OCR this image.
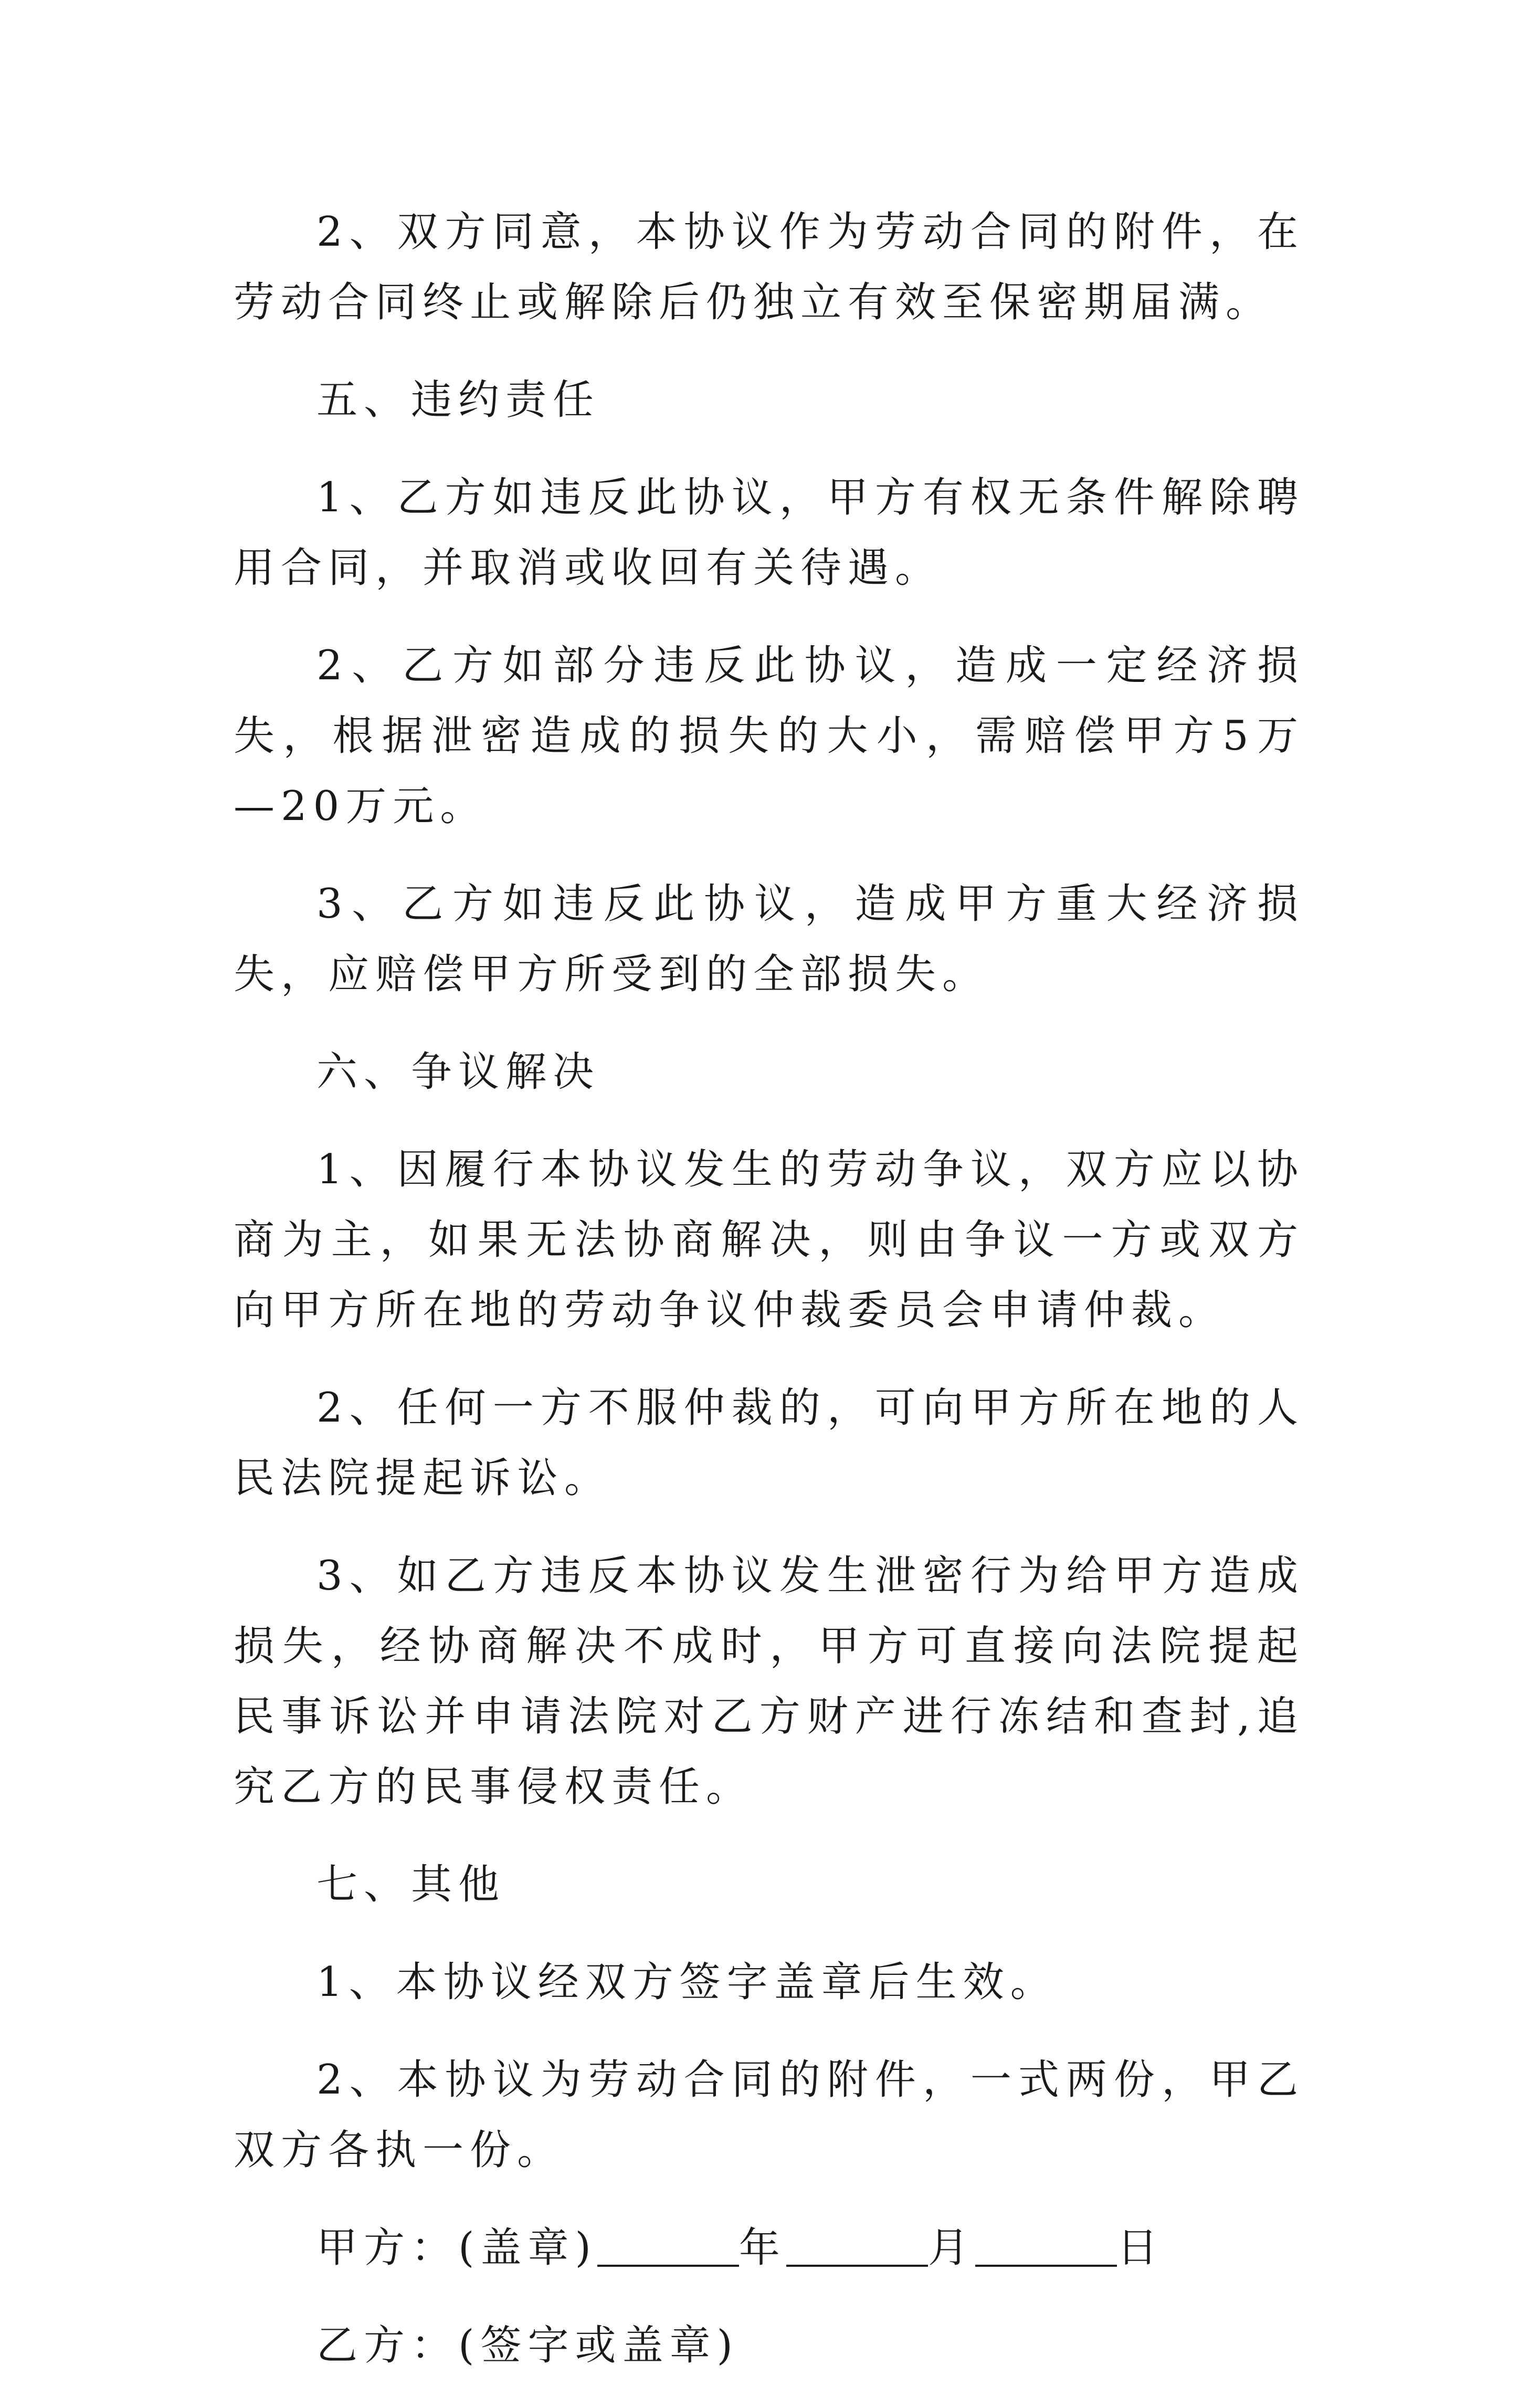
2、双方同意，本协议作为劳动合同的附件，在劳动合同终止或解除后仍独立有效至保密期届满。

五、违约责任

1、乙方如违反此协议，甲方有权无条件解除聘用合同，并取消或收回有关待遇。

2、乙方如部分违反此协议，造成一定经济损失，根据泄密造成的损失的大小，需赔偿甲方5万—20万元。

3、乙方如违反此协议，造成甲方重大经济损失，应赔偿甲方所受到的全部损失。

六、争议解决

1、因履行本协议发生的劳动争议，双方应以协商为主，如果无法协商解决，则由争议一方或双方向甲方所在地的劳动争议仲裁委员会申请仲裁。

2、任何一方不服仲裁的，可向甲方所在地的人民法院提起诉讼。

3、如乙方违反本协议发生泄密行为给甲方造成损失，经协商解决不成时，甲方可直接向法院提起民事诉讼并申请法院对乙方财产进行冻结和查封,追究乙方的民事侵权责任。

七、其他

1、本协议经双方签字盖章后生效。

2、本协议为劳动合同的附件，一式两份，甲乙双方各执一份。

甲方：(盖章)	年	月	日
乙方：(签字或盖章)
